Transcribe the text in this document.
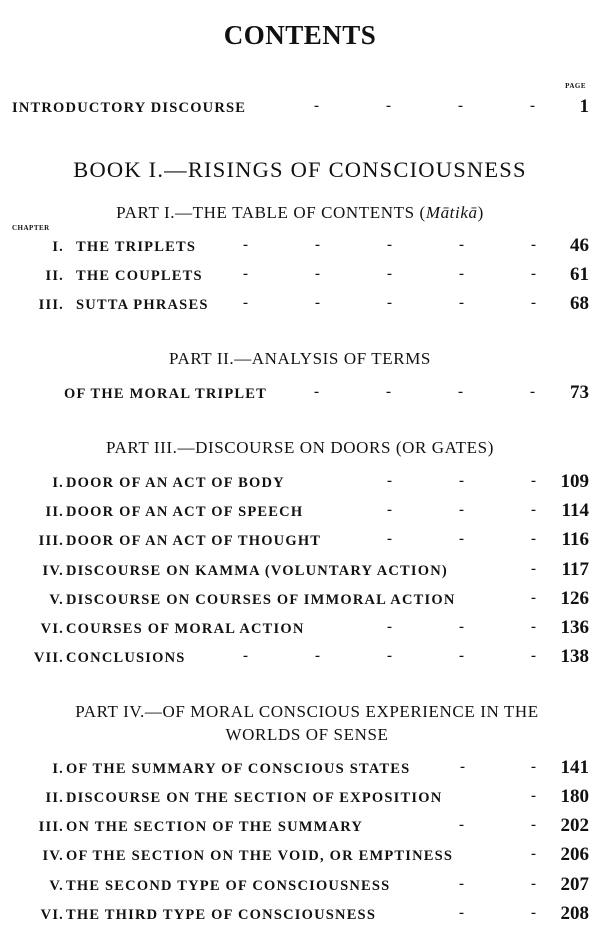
CONTENTS
PAGE
INTRODUCTORY DISCOURSE	-	-	-	- 1
BOOK I.—RISINGS OF CONSCIOUSNESS
PART I.—THE TABLE OF CONTENTS (Mātikā)
CHAPTER
I. THE TRIPLETS	-	-	-	-	- 46
II. THE COUPLETS	-	-	-	-	- 61
III. SUTTA PHRASES -	-	-	-	- 68
PART II.—ANALYSIS OF TERMS
OF THE MORAL TRIPLET	-	-	-	- 73
PART III.—DISCOURSE ON DOORS (OR GATES)
I. DOOR OF AN ACT OF BODY	-	-	- 109
II. DOOR OF AN ACT OF SPEECH	-	-	- 114
III. DOOR OF AN ACT OF THOUGHT	-	-	- 116
IV. DISCOURSE ON KAMMA (VOLUNTARY ACTION)	- 117
V. DISCOURSE ON COURSES OF IMMORAL ACTION	- 126
VI. COURSES OF MORAL ACTION	-	-	- 136
VII. CONCLUSIONS	-	-	-	-	- 138
PART IV.—OF MORAL CONSCIOUS EXPERIENCE IN THE
WORLDS OF SENSE
I. OF THE SUMMARY OF CONSCIOUS STATES	-	- 141
II. DISCOURSE ON THE SECTION OF EXPOSITION	- 180
III. ON THE SECTION OF THE SUMMARY	-	- 202
IV. OF THE SECTION ON THE VOID, OR EMPTINESS	- 206
V. THE SECOND TYPE OF CONSCIOUSNESS	-	- 207
VI. THE THIRD TYPE OF CONSCIOUSNESS	-	- 208
